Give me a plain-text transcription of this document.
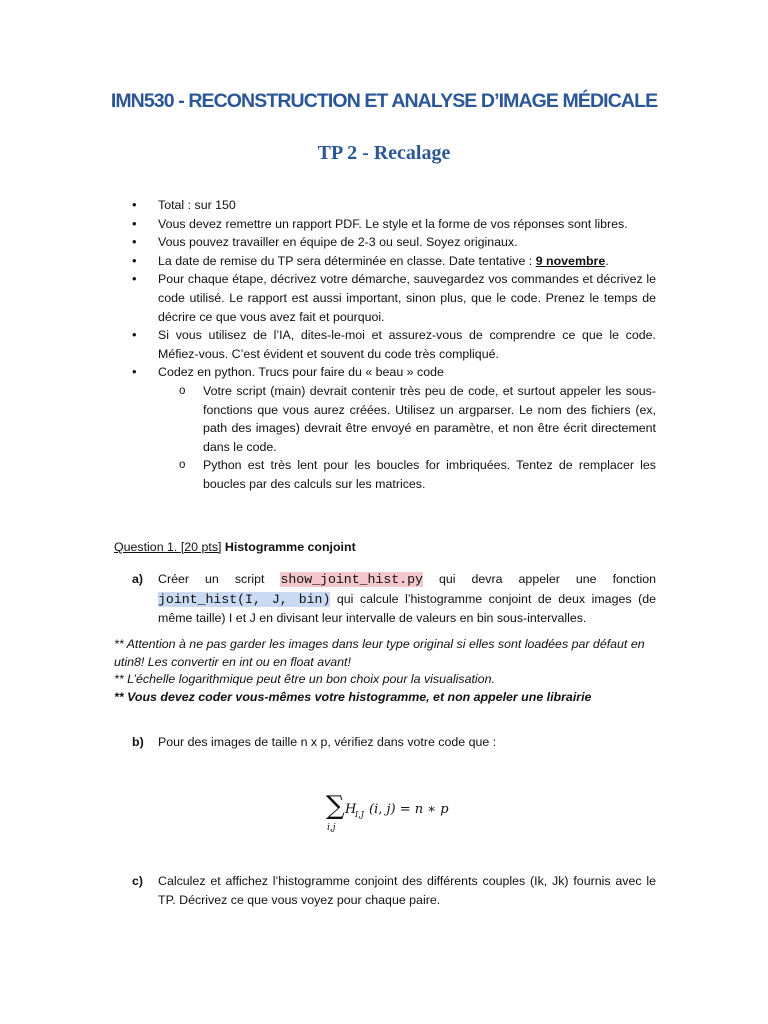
IMN530 - RECONSTRUCTION ET ANALYSE D’IMAGE MÉDICALE
TP 2 - Recalage
• Total : sur 150
• Vous devez remettre un rapport PDF. Le style et la forme de vos réponses sont libres.
• Vous pouvez travailler en équipe de 2-3 ou seul. Soyez originaux.
• La date de remise du TP sera déterminée en classe. Date tentative : 9 novembre.
• Pour chaque étape, décrivez votre démarche, sauvegardez vos commandes et décrivez le code utilisé. Le rapport est aussi important, sinon plus, que le code. Prenez le temps de décrire ce que vous avez fait et pourquoi.
• Si vous utilisez de l’IA, dites-le-moi et assurez-vous de comprendre ce que le code. Méfiez-vous. C’est évident et souvent du code très compliqué.
• Codez en python. Trucs pour faire du « beau » code
o Votre script (main) devrait contenir très peu de code, et surtout appeler les sous-fonctions que vous aurez créées. Utilisez un argparser. Le nom des fichiers (ex, path des images) devrait être envoyé en paramètre, et non être écrit directement dans le code.
o Python est très lent pour les boucles for imbriquées. Tentez de remplacer les boucles par des calculs sur les matrices.
Question 1. [20 pts] Histogramme conjoint
a) Créer un script show_joint_hist.py qui devra appeler une fonction joint_hist(I, J, bin) qui calcule l’histogramme conjoint de deux images (de même taille) I et J en divisant leur intervalle de valeurs en bin sous-intervalles.
** Attention à ne pas garder les images dans leur type original si elles sont loadées par défaut en utin8! Les convertir en int ou en float avant!
** L’échelle logarithmique peut être un bon choix pour la visualisation.
** Vous devez coder vous-mêmes votre histogramme, et non appeler une librairie
b) Pour des images de taille n x p, vérifiez dans votre code que :
∑
i,j
H
I,J (i, j) = n ∗ p
c) Calculez et affichez l’histogramme conjoint des différents couples (Ik, Jk) fournis avec le TP. Décrivez ce que vous voyez pour chaque paire.
